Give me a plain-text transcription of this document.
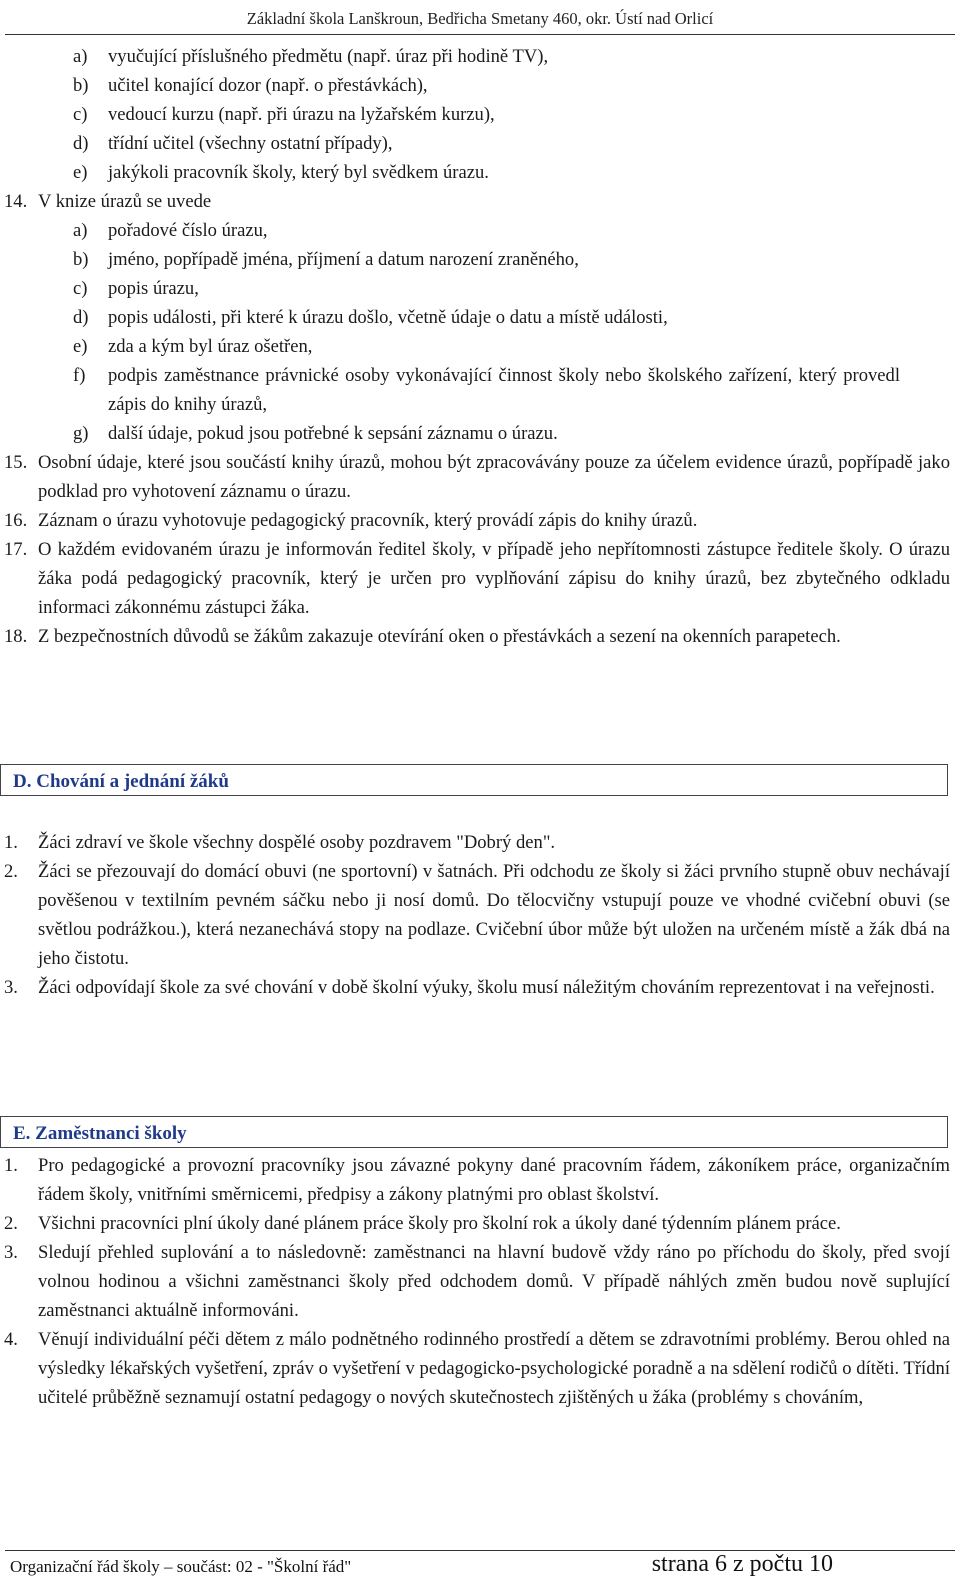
Základní škola Lanškroun, Bedřicha Smetany 460, okr. Ústí nad Orlicí
a) vyučující příslušného předmětu (např. úraz při hodině TV),
b) učitel konající dozor (např. o přestávkách),
c) vedoucí kurzu (např. při úrazu na lyžařském kurzu),
d) třídní učitel (všechny ostatní případy),
e) jakýkoli pracovník školy, který byl svědkem úrazu.
14. V knize úrazů se uvede
a) pořadové číslo úrazu,
b) jméno, popřípadě jména, příjmení a datum narození zraněného,
c) popis úrazu,
d) popis události, při které k úrazu došlo, včetně údaje o datu a místě události,
e) zda a kým byl úraz ošetřen,
f) podpis zaměstnance právnické osoby vykonávající činnost školy nebo školského zařízení, který provedl zápis do knihy úrazů,
g) další údaje, pokud jsou potřebné k sepsání záznamu o úrazu.
15. Osobní údaje, které jsou součástí knihy úrazů, mohou být zpracovávány pouze za účelem evidence úrazů, popřípadě jako podklad pro vyhotovení záznamu o úrazu.
16. Záznam o úrazu vyhotovuje pedagogický pracovník, který provádí zápis do knihy úrazů.
17. O každém evidovaném úrazu je informován ředitel školy, v případě jeho nepřítomnosti zástupce ředitele školy. O úrazu žáka podá pedagogický pracovník, který je určen pro vyplňování zápisu do knihy úrazů, bez zbytečného odkladu informaci zákonnému zástupci žáka.
18. Z bezpečnostních důvodů se žákům zakazuje otevírání oken o přestávkách a sezení na okenních parapetech.
D. Chování a jednání žáků
1. Žáci zdraví ve škole všechny dospělé osoby pozdravem "Dobrý den".
2. Žáci se přezouvají do domácí obuvi (ne sportovní) v šatnách. Při odchodu ze školy si žáci prvního stupně obuv nechávají pověšenou v textilním pevném sáčku nebo ji nosí domů. Do tělocvičny vstupují pouze ve vhodné cvičební obuvi (se světlou podrážkou.), která nezanechává stopy na podlaze. Cvičební úbor může být uložen na určeném místě a žák dbá na jeho čistotu.
3. Žáci odpovídají škole za své chování v době školní výuky, školu musí náležitým chováním reprezentovat i na veřejnosti.
E. Zaměstnanci školy
1. Pro pedagogické a provozní pracovníky jsou závazné pokyny dané pracovním řádem, zákoníkem práce, organizačním řádem školy, vnitřními směrnicemi, předpisy a zákony platnými pro oblast školství.
2. Všichni pracovníci plní úkoly dané plánem práce školy pro školní rok a úkoly dané týdenním plánem práce.
3. Sledují přehled suplování a to následovně: zaměstnanci na hlavní budově vždy ráno po příchodu do školy, před svojí volnou hodinou a všichni zaměstnanci školy před odchodem domů. V případě náhlých změn budou nově suplující zaměstnanci aktuálně informováni.
4. Věnují individuální péči dětem z málo podnětného rodinného prostředí a dětem se zdravotními problémy. Berou ohled na výsledky lékařských vyšetření, zpráv o vyšetření v pedagogicko-psychologické poradně a na sdělení rodičů o dítěti. Třídní učitelé průběžně seznamují ostatní pedagogy o nových skutečnostech zjištěných u žáka (problémy s chováním,
Organizační řád školy – součást: 02 - "Školní řád"	strana 6 z počtu 10
